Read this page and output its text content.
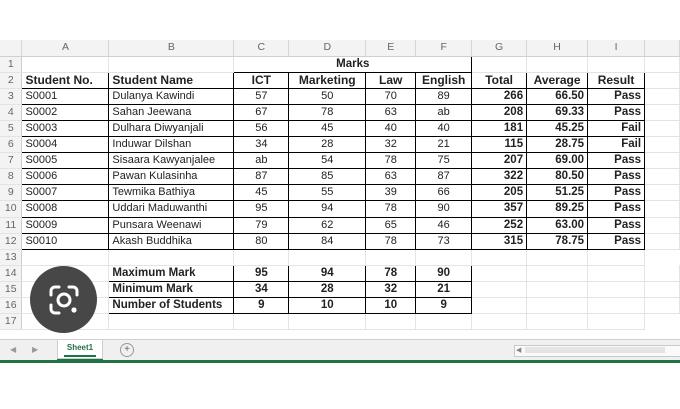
	A	B	C	D	E	F	G	H	I	
1			Marks							
2	Student No.	Student Name	ICT	Marketing	Law	English	Total	Average	Result	
3	S0001	Dulanya Kawindi	57	50	70	89	266	66.50	Pass	
4	S0002	Sahan Jeewana	67	78	63	ab	208	69.33	Pass	
5	S0003	Dulhara Diwyanjali	56	45	40	40	181	45.25	Fail	
6	S0004	Induwar Dilshan	34	28	32	21	115	28.75	Fail	
7	S0005	Sisaara Kawyanjalee	ab	54	78	75	207	69.00	Pass	
8	S0006	Pawan Kulasinha	87	85	63	87	322	80.50	Pass	
9	S0007	Tewmika Bathiya	45	55	39	66	205	51.25	Pass	
10	S0008	Uddari Maduwanthi	95	94	78	90	357	89.25	Pass	
11	S0009	Punsara Weenawi	79	62	65	46	252	63.00	Pass	
12	S0010	Akash Buddhika	80	84	78	73	315	78.75	Pass	
13										
14		Maximum Mark	95	94	78	90				
15		Minimum Mark	34	28	32	21				
16		Number of Students	9	10	10	9				
17										
◀ ▶	Sheet1	+	◀
